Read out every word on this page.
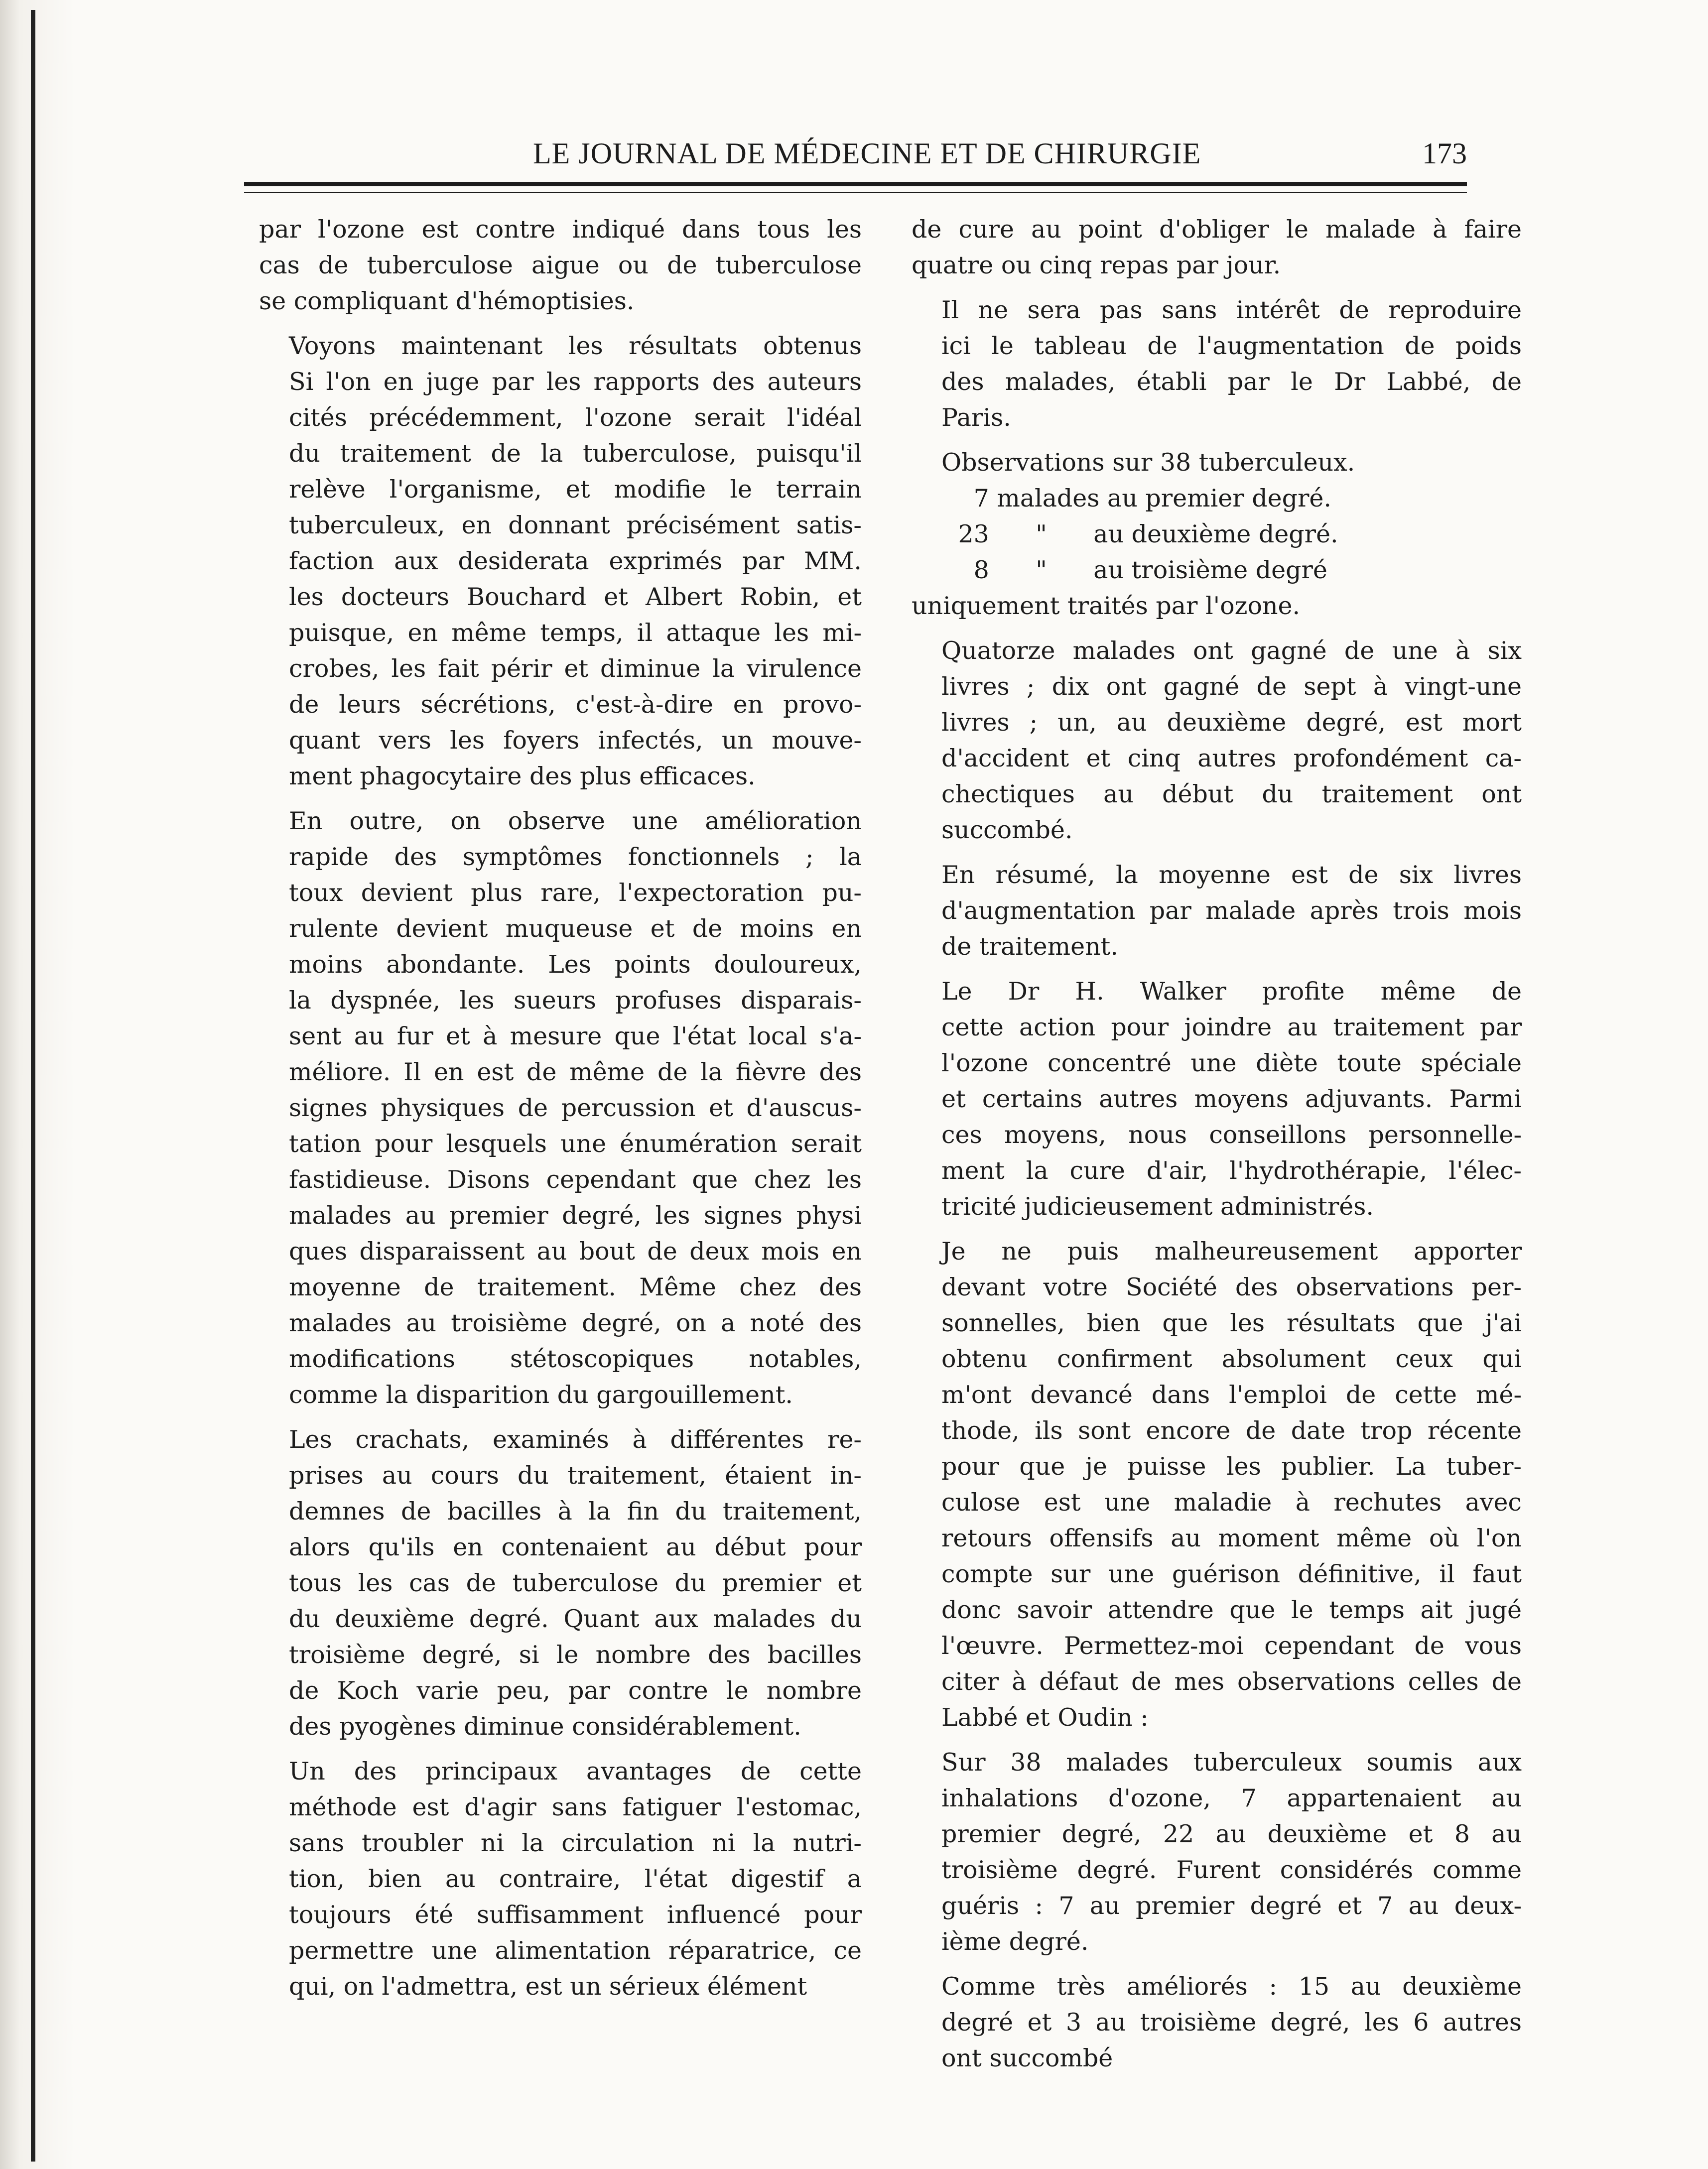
LE JOURNAL DE MÉDECINE ET DE CHIRURGIE	173

par l'ozone est contre indiqué dans tous les
cas de tuberculose aigue ou de tuberculose
se compliquant d'hémoptisies.

Voyons maintenant les résultats obtenus
Si l'on en juge par les rapports des auteurs
cités précédemment, l'ozone serait l'idéal
du traitement de la tuberculose, puisqu'il
relève l'organisme, et modifie le terrain
tuberculeux, en donnant précisément satis-
faction aux desiderata exprimés par MM.
les docteurs Bouchard et Albert Robin, et
puisque, en même temps, il attaque les mi-
crobes, les fait périr et diminue la virulence
de leurs sécrétions, c'est-à-dire en provo-
quant vers les foyers infectés, un mouve-
ment phagocytaire des plus efficaces.

En outre, on observe une amélioration
rapide des symptômes fonctionnels ; la
toux devient plus rare, l'expectoration pu-
rulente devient muqueuse et de moins en
moins abondante. Les points douloureux,
la dyspnée, les sueurs profuses disparais-
sent au fur et à mesure que l'état local s'a-
méliore. Il en est de même de la fièvre des
signes physiques de percussion et d'auscus-
tation pour lesquels une énumération serait
fastidieuse. Disons cependant que chez les
malades au premier degré, les signes physi
ques disparaissent au bout de deux mois en
moyenne de traitement. Même chez des
malades au troisième degré, on a noté des
modifications stétoscopiques notables,
comme la disparition du gargouillement.

Les crachats, examinés à différentes re-
prises au cours du traitement, étaient in-
demnes de bacilles à la fin du traitement,
alors qu'ils en contenaient au début pour
tous les cas de tuberculose du premier et
du deuxième degré. Quant aux malades du
troisième degré, si le nombre des bacilles
de Koch varie peu, par contre le nombre
des pyogènes diminue considérablement.

Un des principaux avantages de cette
méthode est d'agir sans fatiguer l'estomac,
sans troubler ni la circulation ni la nutri-
tion, bien au contraire, l'état digestif a
toujours été suffisamment influencé pour
permettre une alimentation réparatrice, ce
qui, on l'admettra, est un sérieux élément

de cure au point d'obliger le malade à faire
quatre ou cinq repas par jour.

Il ne sera pas sans intérêt de reproduire
ici le tableau de l'augmentation de poids
des malades, établi par le Dr Labbé, de
Paris.

Observations sur 38 tuberculeux.

7 malades au premier degré.

23      "      au deuxième degré.

8      "      au troisième degré

uniquement traités par l'ozone.

Quatorze malades ont gagné de une à six
livres ; dix ont gagné de sept à vingt-une
livres ; un, au deuxième degré, est mort
d'accident et cinq autres profondément ca-
chectiques au début du traitement ont
succombé.

En résumé, la moyenne est de six livres
d'augmentation par malade après trois mois
de traitement.

Le Dr H. Walker profite même de
cette action pour joindre au traitement par
l'ozone concentré une diète toute spéciale
et certains autres moyens adjuvants. Parmi
ces moyens, nous conseillons personnelle-
ment la cure d'air, l'hydrothérapie, l'élec-
tricité judicieusement administrés.

Je ne puis malheureusement apporter
devant votre Société des observations per-
sonnelles, bien que les résultats que j'ai
obtenu confirment absolument ceux qui
m'ont devancé dans l'emploi de cette mé-
thode, ils sont encore de date trop récente
pour que je puisse les publier. La tuber-
culose est une maladie à rechutes avec
retours offensifs au moment même où l'on
compte sur une guérison définitive, il faut
donc savoir attendre que le temps ait jugé
l'œuvre. Permettez-moi cependant de vous
citer à défaut de mes observations celles de
Labbé et Oudin :

Sur 38 malades tuberculeux soumis aux
inhalations d'ozone, 7 appartenaient au
premier degré, 22 au deuxième et 8 au
troisième degré. Furent considérés comme
guéris : 7 au premier degré et 7 au deux-
ième degré.

Comme très améliorés : 15 au deuxième
degré et 3 au troisième degré, les 6 autres
ont succombé
